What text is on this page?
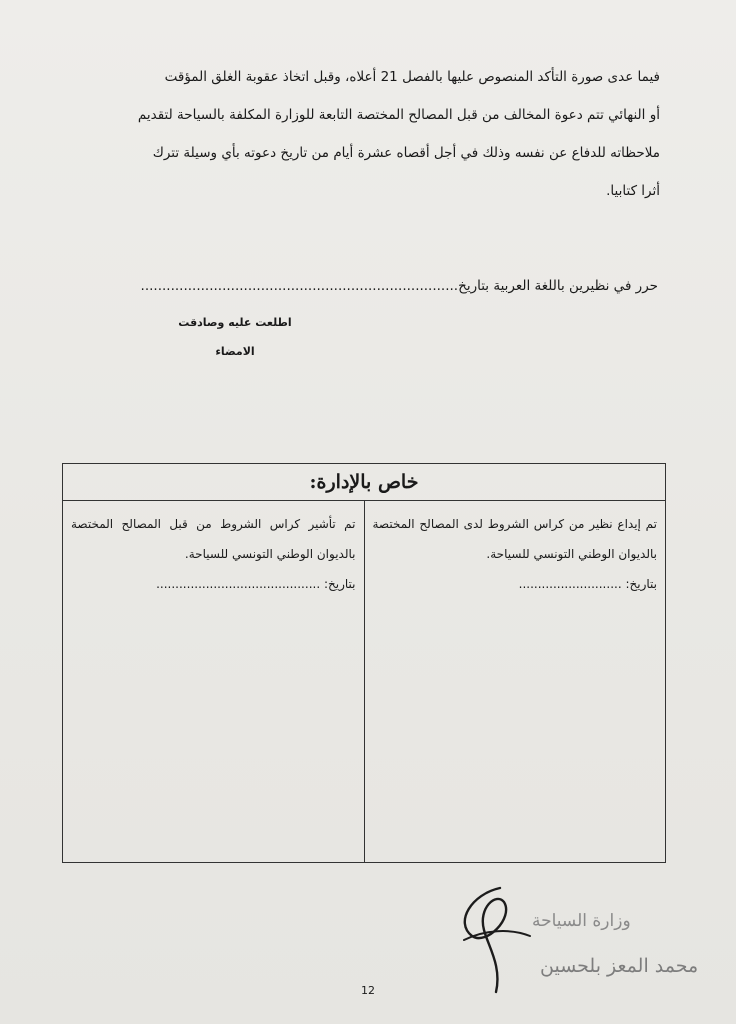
فيما عدى صورة التأكد المنصوص عليها بالفصل 21 أعلاه، وقبل اتخاذ عقوبة الغلق المؤقت
أو النهائي تتم دعوة المخالف من قبل المصالح المختصة التابعة للوزارة المكلفة بالسياحة لتقديم
ملاحظاته للدفاع عن نفسه وذلك في أجل أقصاه عشرة أيام من تاريخ دعوته بأي وسيلة تترك
أثرا كتابيا.

حرر في نظيرين باللغة العربية بتاريخ..........................................................................

اطلعت عليه وصادقت

الامضاء

خاص بالإدارة:

تم إيداع نظير من كراس الشروط لدى المصالح المختصة بالديوان الوطني التونسي للسياحة.

بتاريخ: ...........................

تم تأشير كراس الشروط من قبل المصالح المختصة بالديوان الوطني التونسي للسياحة.

بتاريخ: ...........................................

وزارة السياحة
محمد المعز بلحسين

12
